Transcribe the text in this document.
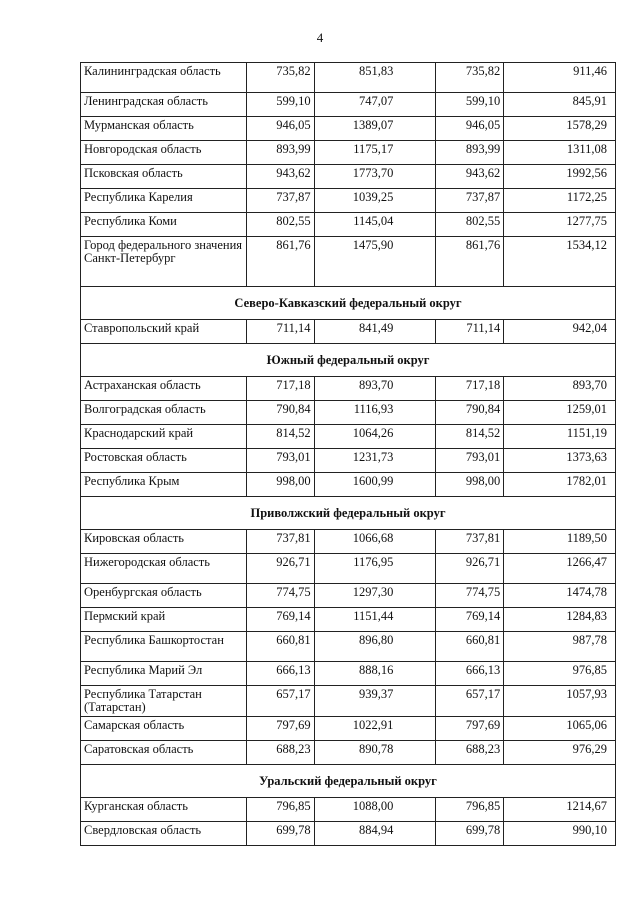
4
Калининградская область	735,82	851,83	735,82	911,46
Ленинградская область	599,10	747,07	599,10	845,91
Мурманская область	946,05	1389,07	946,05	1578,29
Новгородская область	893,99	1175,17	893,99	1311,08
Псковская область	943,62	1773,70	943,62	1992,56
Республика Карелия	737,87	1039,25	737,87	1172,25
Республика Коми	802,55	1145,04	802,55	1277,75
Город федерального значения Санкт-Петербург	861,76	1475,90	861,76	1534,12
Северо-Кавказский федеральный округ				
Ставропольский край	711,14	841,49	711,14	942,04
Южный федеральный округ				
Астраханская область	717,18	893,70	717,18	893,70
Волгоградская область	790,84	1116,93	790,84	1259,01
Краснодарский край	814,52	1064,26	814,52	1151,19
Ростовская область	793,01	1231,73	793,01	1373,63
Республика Крым	998,00	1600,99	998,00	1782,01
Приволжский федеральный округ				
Кировская область	737,81	1066,68	737,81	1189,50
Нижегородская область	926,71	1176,95	926,71	1266,47
Оренбургская область	774,75	1297,30	774,75	1474,78
Пермский край	769,14	1151,44	769,14	1284,83
Республика Башкортостан	660,81	896,80	660,81	987,78
Республика Марий Эл	666,13	888,16	666,13	976,85
Республика Татарстан (Татарстан)	657,17	939,37	657,17	1057,93
Самарская область	797,69	1022,91	797,69	1065,06
Саратовская область	688,23	890,78	688,23	976,29
Уральский федеральный округ				
Курганская область	796,85	1088,00	796,85	1214,67
Свердловская область	699,78	884,94	699,78	990,10
